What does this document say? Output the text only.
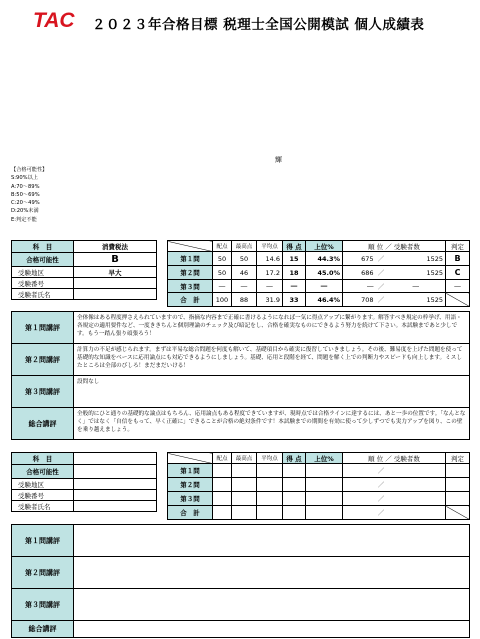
TAC ２０２３年合格目標 税理士全国公開模試 個人成績表
輝
【合格可能性】
S:90%以上
A:70～89%
B:50～69%
C:20～49%
D:20%未満
E:判定不能
科　目	消費税法
合格可能性	B
受験地区	早大
受験番号	
受験者氏名	
	配点	最高点	平均点	得 点	上位%	順 位 ／ 受験者数			判定
第１問	50	50	14.6	15	44.3%	675	／	1525	B
第２問	50	46	17.2	18	45.0%	686	／	1525	C
第３問	―	―	―	―	―	―	／	―	―
合　計	100	88	31.9	33	46.4%	708	／	1525	
第１問講評	全体像はある程度押さえられていますので、指摘な内容まで正確に書けるようになれば一気に得点アップに繋がります。解答すべき規定の枠挙げ、用語・各規定の適用要件など、一度ききちんと個別理論のチェック及び暗記をし、合格を確実なものにできるよう努力を続けて下さい。本試験まであと少しです。もう一踏ん張り頑張ろう！
第２問講評	計算力の不足が感じられます。まずは平易な総合問題を何度も解いて、基礎項目から確実に復習していきましょう。その後、難易度を上げた問題を使って基礎的な知識をベースに応用論点にも対応できるようにしましょう。基礎、応用と段階を経て、問題を解く上での判断力やスピードも向上します。ミスしたところは全部のびしろ！まだまだいける！
第３問講評	設問なし
総合講評	全般的にひと通りの基礎的な論点はもちろん、応用論点もある程度できていますが、現時点では合格ラインに達するには、あと一歩の位置です。「なんとなく」ではなく「自信をもって、早く正確に」できることが合格の絶対条件です！本試験までの期間を有効に使って少しずつでも実力アップを図り、この壁を乗り越えましょう。
科　目	
合格可能性	
受験地区	
受験番号	
受験者氏名	
	配点	最高点	平均点	得 点	上位%	順 位 ／ 受験者数			判定
第１問							／		
第２問							／		
第３問							／		
合　計							／		
第１問講評	
第２問講評	
第３問講評	
総合講評	
